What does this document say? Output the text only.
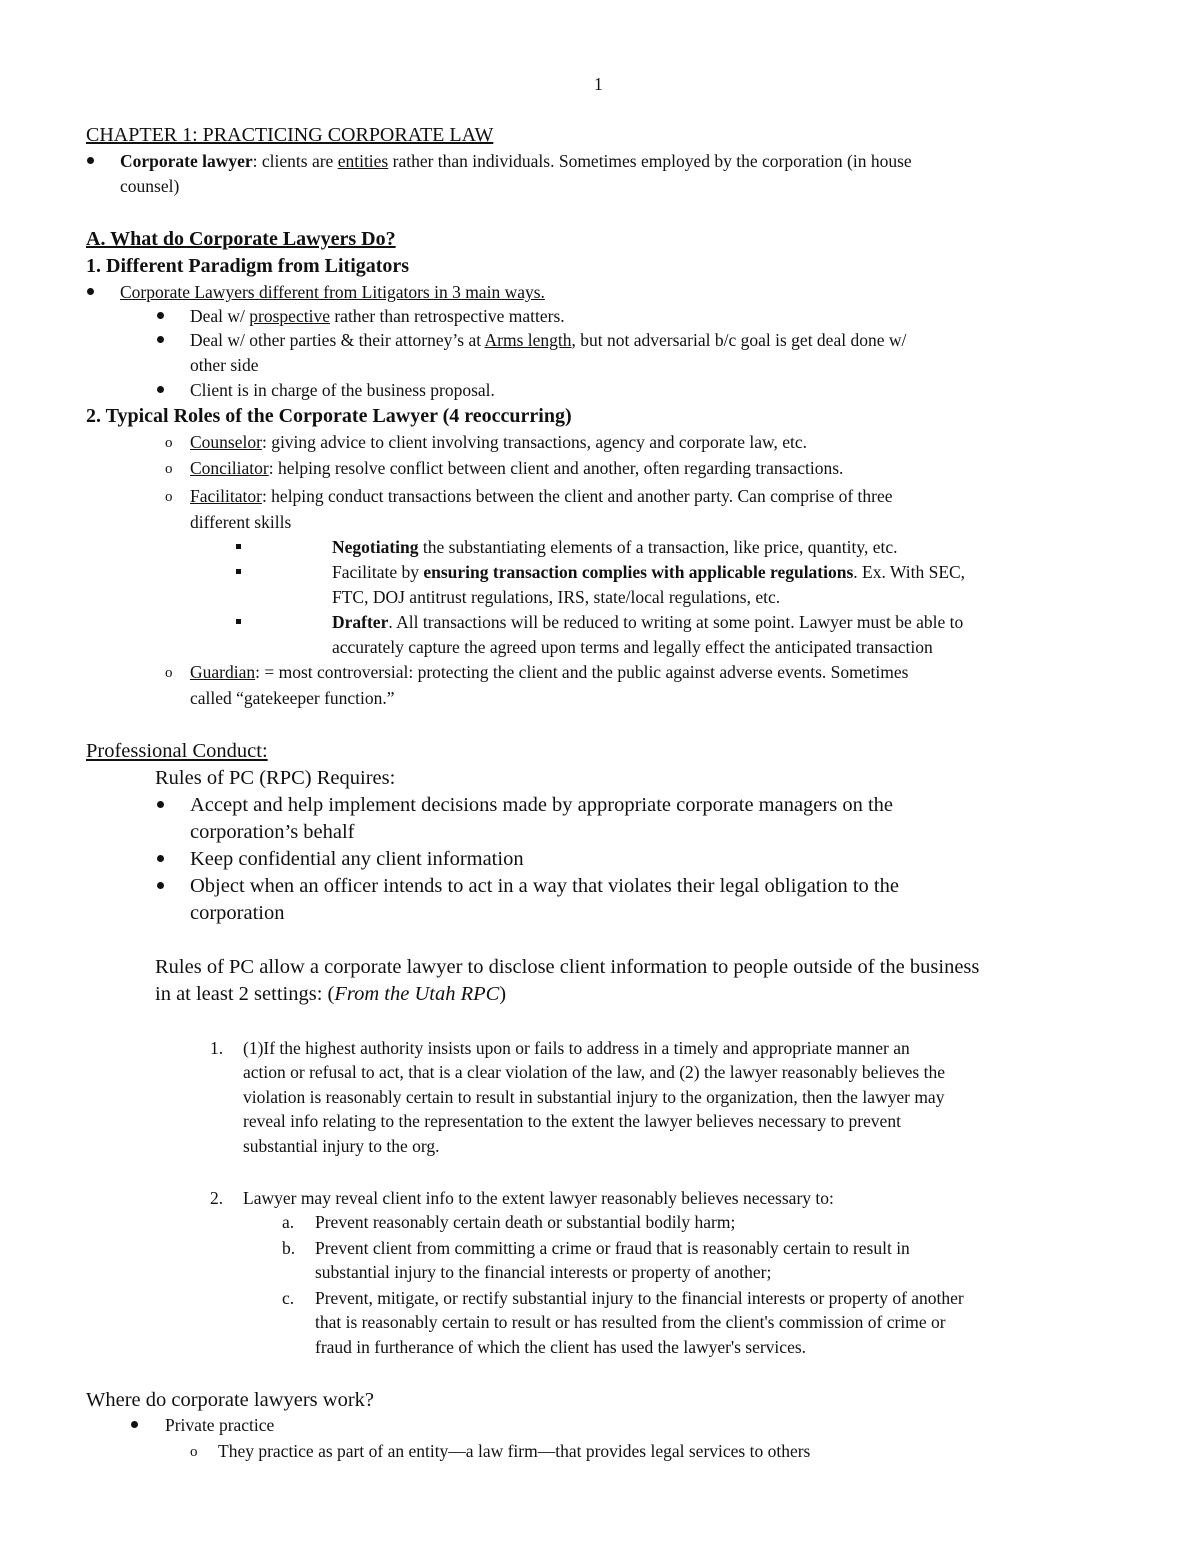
1
CHAPTER 1: PRACTICING CORPORATE LAW
Corporate lawyer: clients are entities rather than individuals. Sometimes employed by the corporation (in house
counsel)
A. What do Corporate Lawyers Do?
1. Different Paradigm from Litigators
Corporate Lawyers different from Litigators in 3 main ways.
Deal w/ prospective rather than retrospective matters.
Deal w/ other parties & their attorney’s at Arms length, but not adversarial b/c goal is get deal done w/
other side
Client is in charge of the business proposal.
2. Typical Roles of the Corporate Lawyer (4 reoccurring)
o Counselor: giving advice to client involving transactions, agency and corporate law, etc.
o Conciliator: helping resolve conflict between client and another, often regarding transactions.
o Facilitator: helping conduct transactions between the client and another party. Can comprise of three
different skills
Negotiating the substantiating elements of a transaction, like price, quantity, etc.
Facilitate by ensuring transaction complies with applicable regulations. Ex. With SEC,
FTC, DOJ antitrust regulations, IRS, state/local regulations, etc.
Drafter. All transactions will be reduced to writing at some point. Lawyer must be able to
accurately capture the agreed upon terms and legally effect the anticipated transaction
o Guardian: = most controversial: protecting the client and the public against adverse events. Sometimes
called “gatekeeper function.”
Professional Conduct:
Rules of PC (RPC) Requires:
Accept and help implement decisions made by appropriate corporate managers on the
corporation’s behalf
Keep confidential any client information
Object when an officer intends to act in a way that violates their legal obligation to the
corporation
Rules of PC allow a corporate lawyer to disclose client information to people outside of the business
in at least 2 settings: (From the Utah RPC)
1. (1)If the highest authority insists upon or fails to address in a timely and appropriate manner an
action or refusal to act, that is a clear violation of the law, and (2) the lawyer reasonably believes the
violation is reasonably certain to result in substantial injury to the organization, then the lawyer may
reveal info relating to the representation to the extent the lawyer believes necessary to prevent
substantial injury to the org.
2. Lawyer may reveal client info to the extent lawyer reasonably believes necessary to:
a. Prevent reasonably certain death or substantial bodily harm;
b. Prevent client from committing a crime or fraud that is reasonably certain to result in
substantial injury to the financial interests or property of another;
c. Prevent, mitigate, or rectify substantial injury to the financial interests or property of another
that is reasonably certain to result or has resulted from the client's commission of crime or
fraud in furtherance of which the client has used the lawyer's services.
Where do corporate lawyers work?
Private practice
o They practice as part of an entity—a law firm—that provides legal services to others
